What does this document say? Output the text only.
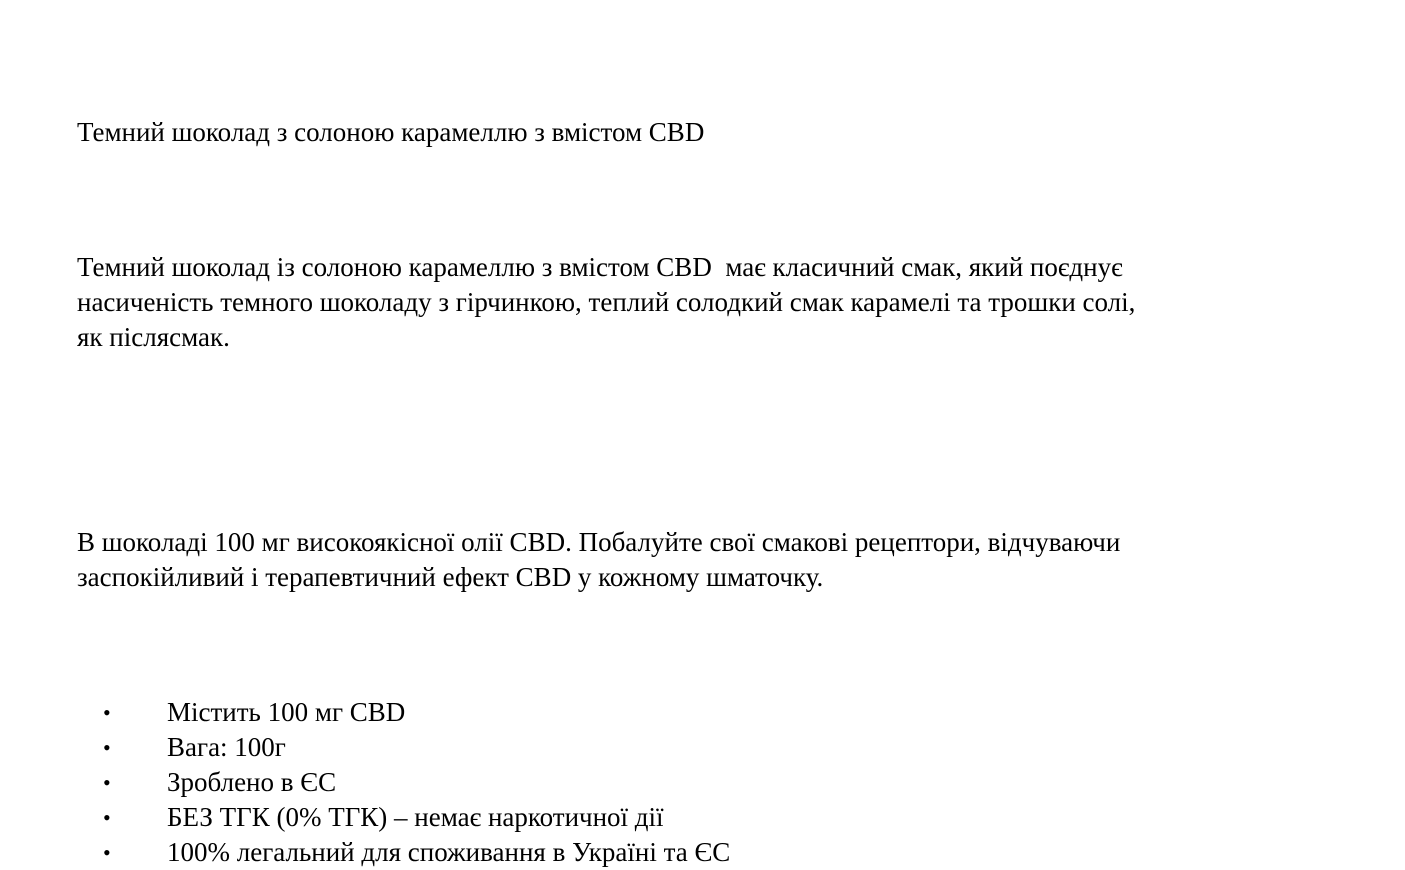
Темний шоколад з солоною карамеллю з вмістом CBD

Темний шоколад із солоною карамеллю з вмістом CBD  має класичний смак, який поєднує
насиченість темного шоколаду з гірчинкою, теплий солодкий смак карамелі та трошки солі,
як післясмак.

В шоколаді 100 мг високоякісної олії CBD. Побалуйте свої смакові рецептори, відчуваючи
заспокійливий і терапевтичний ефект CBD у кожному шматочку.

• Містить 100 мг CBD
• Вага: 100г
• Зроблено в ЄС
• БЕЗ ТГК (0% ТГК) – немає наркотичної дії
• 100% легальний для споживання в Україні та ЄС
